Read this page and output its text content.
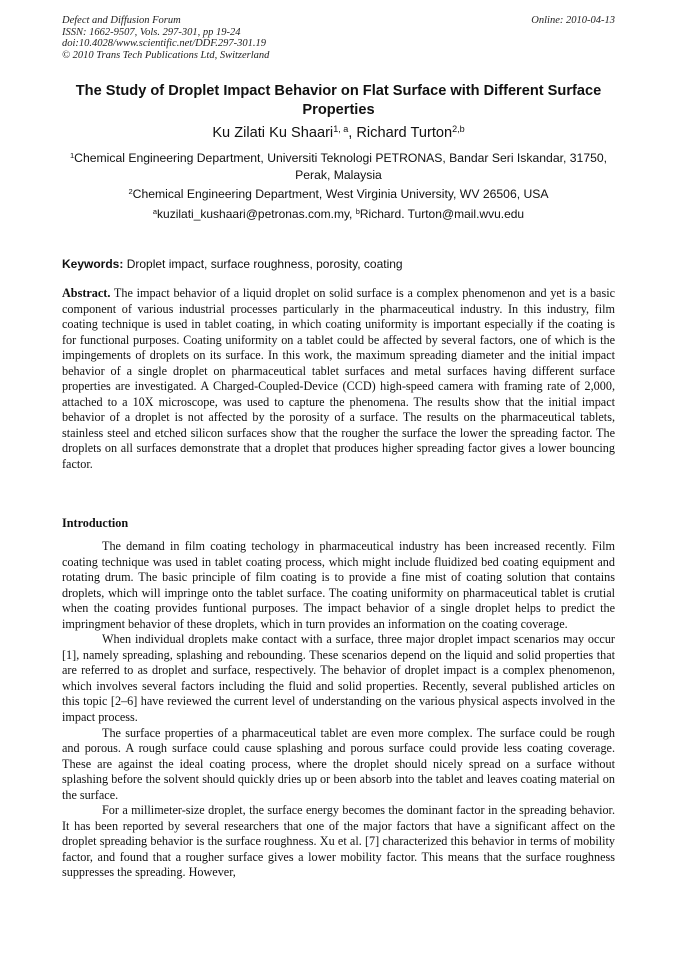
Defect and Diffusion Forum
ISSN: 1662-9507, Vols. 297-301, pp 19-24
doi:10.4028/www.scientific.net/DDF.297-301.19
© 2010 Trans Tech Publications Ltd, Switzerland
Online: 2010-04-13
The Study of Droplet Impact Behavior on Flat Surface with Different Surface Properties
Ku Zilati Ku Shaari$^{1, a}$, Richard Turton$^{2,b}$
$^1$Chemical Engineering Department, Universiti Teknologi PETRONAS, Bandar Seri Iskandar, 31750, Perak, Malaysia
$^2$Chemical Engineering Department, West Virginia University, WV 26506, USA
$^a$kuzilati_kushaari@petronas.com.my, $^b$Richard. Turton@mail.wvu.edu
Keywords: Droplet impact, surface roughness, porosity, coating
Abstract. The impact behavior of a liquid droplet on solid surface is a complex phenomenon and yet is a basic component of various industrial processes particularly in the pharmaceutical industry. In this industry, film coating technique is used in tablet coating, in which coating uniformity is important especially if the coating is for functional purposes. Coating uniformity on a tablet could be affected by several factors, one of which is the impingements of droplets on its surface. In this work, the maximum spreading diameter and the initial impact behavior of a single droplet on pharmaceutical tablet surfaces and metal surfaces having different surface properties are investigated. A Charged-Coupled-Device (CCD) high-speed camera with framing rate of 2,000, attached to a 10X microscope, was used to capture the phenomena. The results show that the initial impact behavior of a droplet is not affected by the porosity of a surface. The results on the pharmaceutical tablets, stainless steel and etched silicon surfaces show that the rougher the surface the lower the spreading factor. The droplets on all surfaces demonstrate that a droplet that produces higher spreading factor gives a lower bouncing factor.
Introduction

The demand in film coating techology in pharmaceutical industry has been increased recently. Film coating technique was used in tablet coating process, which might include fluidized bed coating equipment and rotating drum. The basic principle of film coating is to provide a fine mist of coating solution that contains droplets, which will impringe onto the tablet surface. The coating uniformity on pharmaceutical tablet is crutial when the coating provides funtional purposes. The impact behavior of a single droplet helps to predict the impringment behavior of these droplets, which in turn provides an information on the coating coverage.

When individual droplets make contact with a surface, three major droplet impact scenarios may occur [1], namely spreading, splashing and rebounding. These scenarios depend on the liquid and solid properties that are referred to as droplet and surface, respectively. The behavior of droplet impact is a complex phenomenon, which involves several factors including the fluid and solid properties. Recently, several published articles on this topic [2–6] have reviewed the current level of understanding on the various physical aspects involved in the impact process.

The surface properties of a pharmaceutical tablet are even more complex. The surface could be rough and porous. A rough surface could cause splashing and porous surface could provide less coating coverage. These are against the ideal coating process, where the droplet should nicely spread on a surface without splashing before the solvent should quickly dries up or been absorb into the tablet and leaves coating material on the surface.

For a millimeter-size droplet, the surface energy becomes the dominant factor in the spreading behavior. It has been reported by several researchers that one of the major factors that have a significant affect on the droplet spreading behavior is the surface roughness. Xu et al. [7] characterized this behavior in terms of mobility factor, and found that a rougher surface gives a lower mobility factor. This means that the surface roughness suppresses the spreading. However,
